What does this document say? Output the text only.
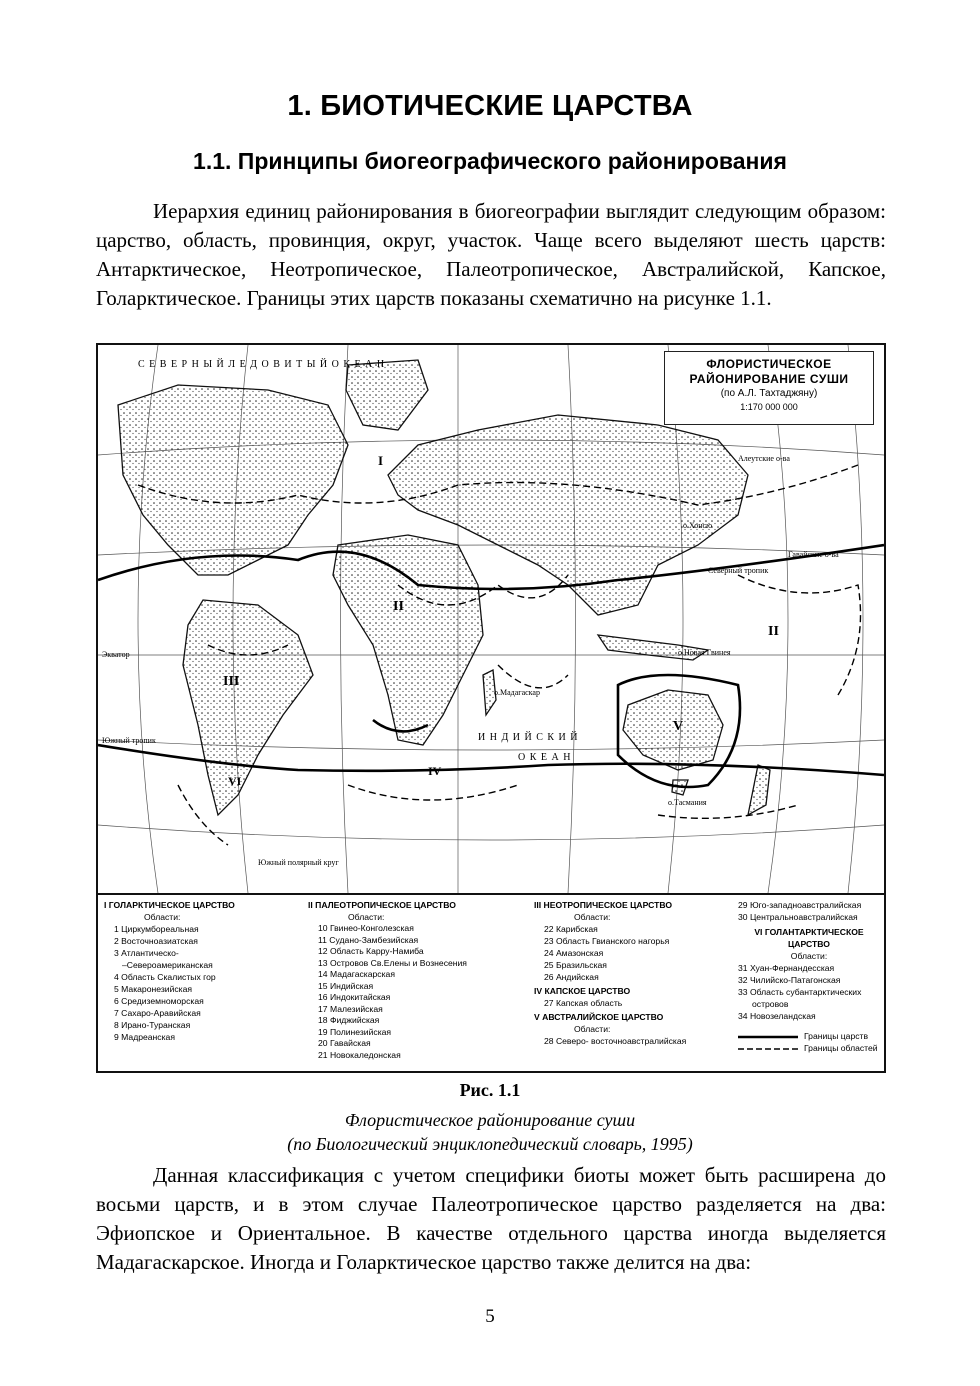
1. БИОТИЧЕСКИЕ ЦАРСТВА
1.1. Принципы биогеографического районирования

Иерархия единиц районирования в биогеографии выглядит следующим образом: царство, область, провинция, округ, участок. Чаще всего выделяют шесть царств: Антарктическое, Неотропическое, Палеотропическое, Австралийской, Капское, Голарктическое. Границы этих царств показаны схематично на рисунке 1.1.

С Е В Е Р Н Ы Й Л Е Д О В И Т Ы Й О К Е А Н
И Н Д И Й С К И Й
О К Е А Н
Экватор
Северный тропик
Южный тропик
Южный полярный круг
о.Мадагаскар
о.Тасмания
о.Новая Гвинея
о.Хонсю
Гавайские о-ва
Алеутские о-ва
I
II
II
III
IV
V
VI
ФЛОРИСТИЧЕСКОЕ
РАЙОНИРОВАНИЕ СУШИ
(по А.Л. Тахтаджяну)
1:170 000 000
I ГОЛАРКТИЧЕСКОЕ ЦАРСТВО
Области:
1 Циркумбореальная
2 Восточноазиатская
3 Атлантическо-
–Североамериканская
4 Область Скалистых гор
5 Макаронезийская
6 Средиземноморская
7 Сахаро-Аравийская
8 Ирано-Туранская
9 Мадреанская
II ПАЛЕОТРОПИЧЕСКОЕ ЦАРСТВО
Области:
10 Гвинео-Конголезская
11 Судано-Замбезийская
12 Область Карру-Намиба
13 Островов Св.Елены и Вознесения
14 Мадагаскарская
15 Индийская
16 Индокитайская
17 Малезийская
18 Фиджийская
19 Полинезийская
20 Гавайская
21 Новокаледонская
III НЕОТРОПИЧЕСКОЕ ЦАРСТВО
Области:
22 Карибская
23 Область Гвианского нагорья
24 Амазонская
25 Бразильская
26 Андийская
IV КАПСКОЕ ЦАРСТВО
27 Капская область
V АВСТРАЛИЙСКОЕ ЦАРСТВО
Области:
28 Северо- восточноавстралийская
29 Юго-западноавстралийская
30 Центральноавстралийская
VI ГОЛАНТАРКТИЧЕСКОЕ
ЦАРСТВО
Области:
31 Хуан-Фернандесская
32 Чилийско-Патагонская
33 Область субантарктических
островов
34 Новозеландская
Границы царств
Границы областей
Рис. 1.1
Флористическое районирование суши
(по Биологический энциклопедический словарь, 1995)

Данная классификация с учетом специфики биоты может быть расширена до восьми царств, и в этом случае Палеотропическое царство разделяется на два: Эфиопское и Ориентальное. В качестве отдельного царства иногда выделяется Мадагаскарское. Иногда и Голарктическое царство также делится на два:

5
